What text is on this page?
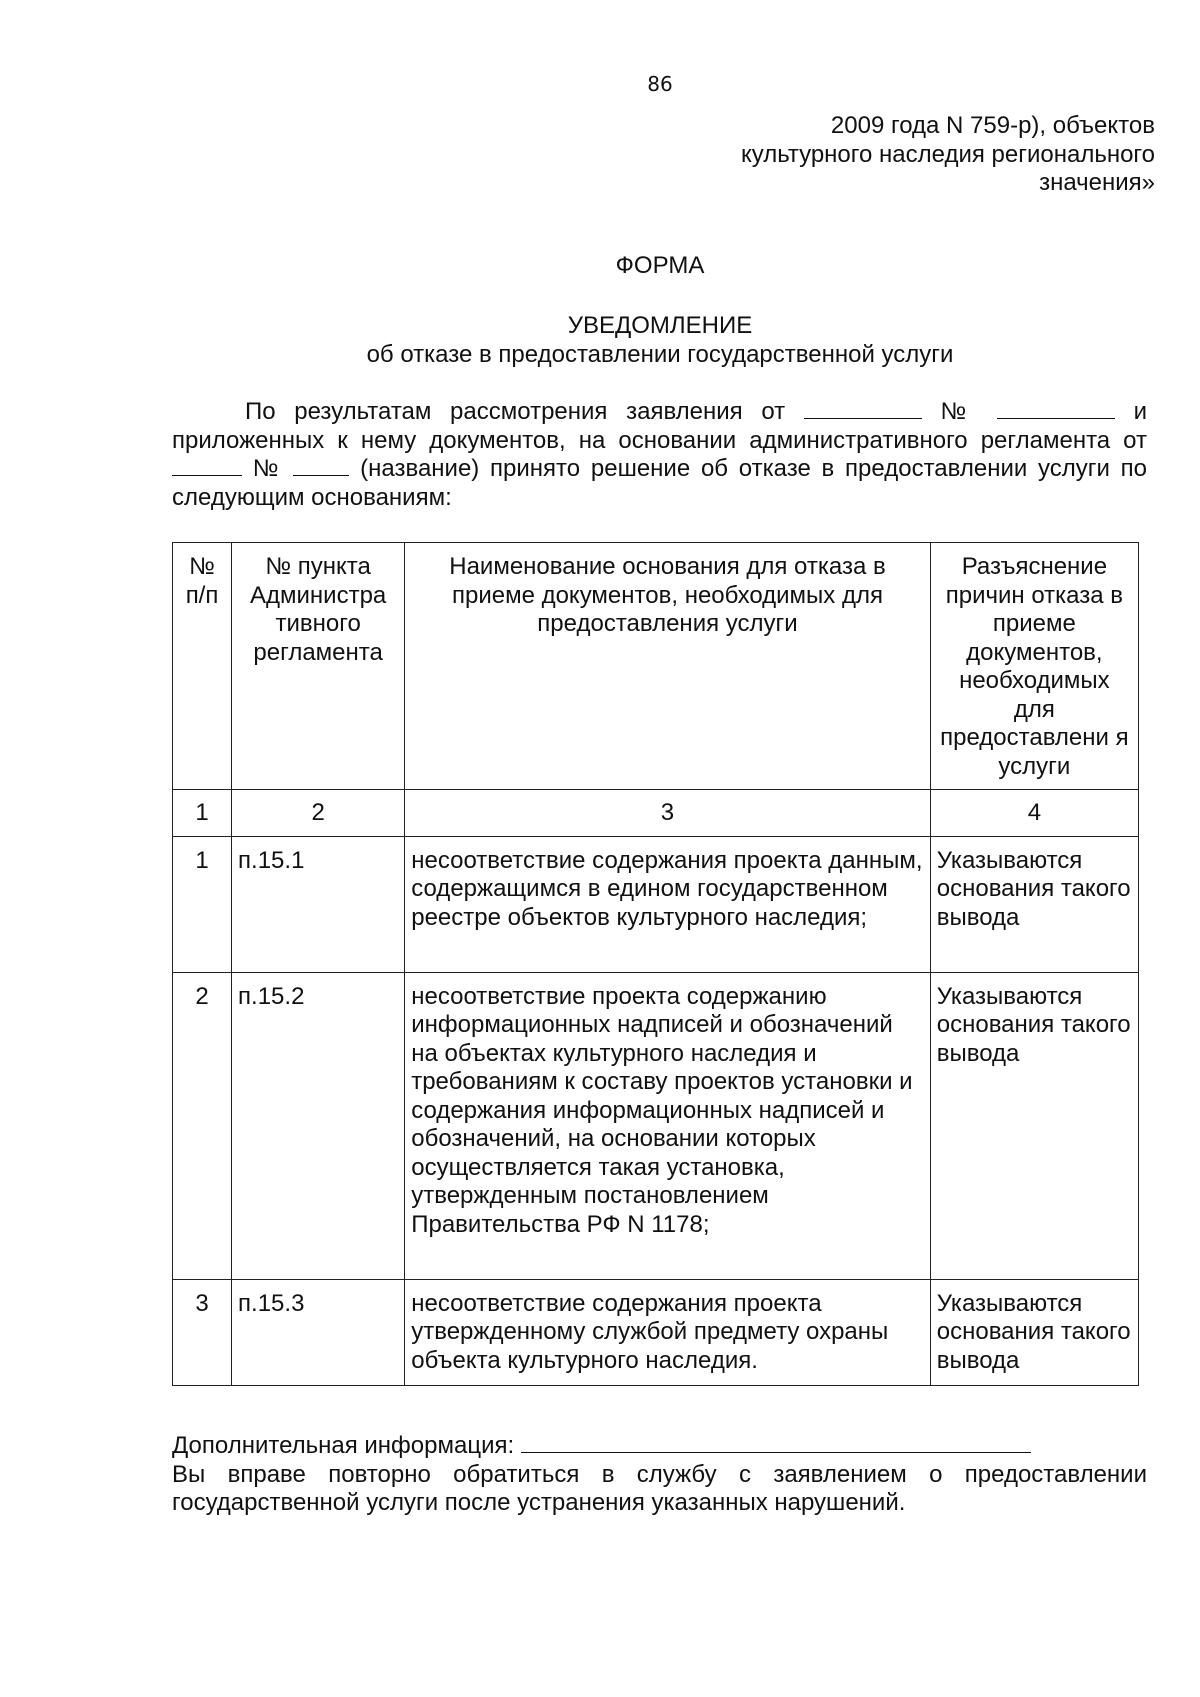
86
2009 года N 759-р), объектов
культурного наследия регионального
значения»
ФОРМА
УВЕДОМЛЕНИЕ
об отказе в предоставлении государственной услуги

По результатам рассмотрения заявления от	№	и приложенных к нему документов, на основании административного регламента от  №	(название) принято решение об отказе в предоставлении услуги по следующим основаниям:

№ п/п	№ пункта Администра тивного регламента	Наименование основания для отказа в приеме документов, необходимых для предоставления услуги	Разъяснение причин отказа в приеме документов, необходимых для предоставлени я услуги
1	2	3	4
1	п.15.1	несоответствие содержания проекта данным, содержащимся в едином государственном реестре объектов культурного наследия;	Указываются основания такого вывода
2	п.15.2	несоответствие проекта содержанию информационных надписей и обозначений на объектах культурного наследия и требованиям к составу проектов установки и содержания информационных надписей и обозначений, на основании которых осуществляется такая установка, утвержденным постановлением Правительства РФ N 1178;	Указываются основания такого вывода
3	п.15.3	несоответствие содержания проекта утвержденному службой предмету охраны объекта культурного наследия.	Указываются основания такого вывода
Дополнительная информация:
Вы вправе повторно обратиться в службу с заявлением о предоставлении государственной услуги после устранения указанных нарушений.
